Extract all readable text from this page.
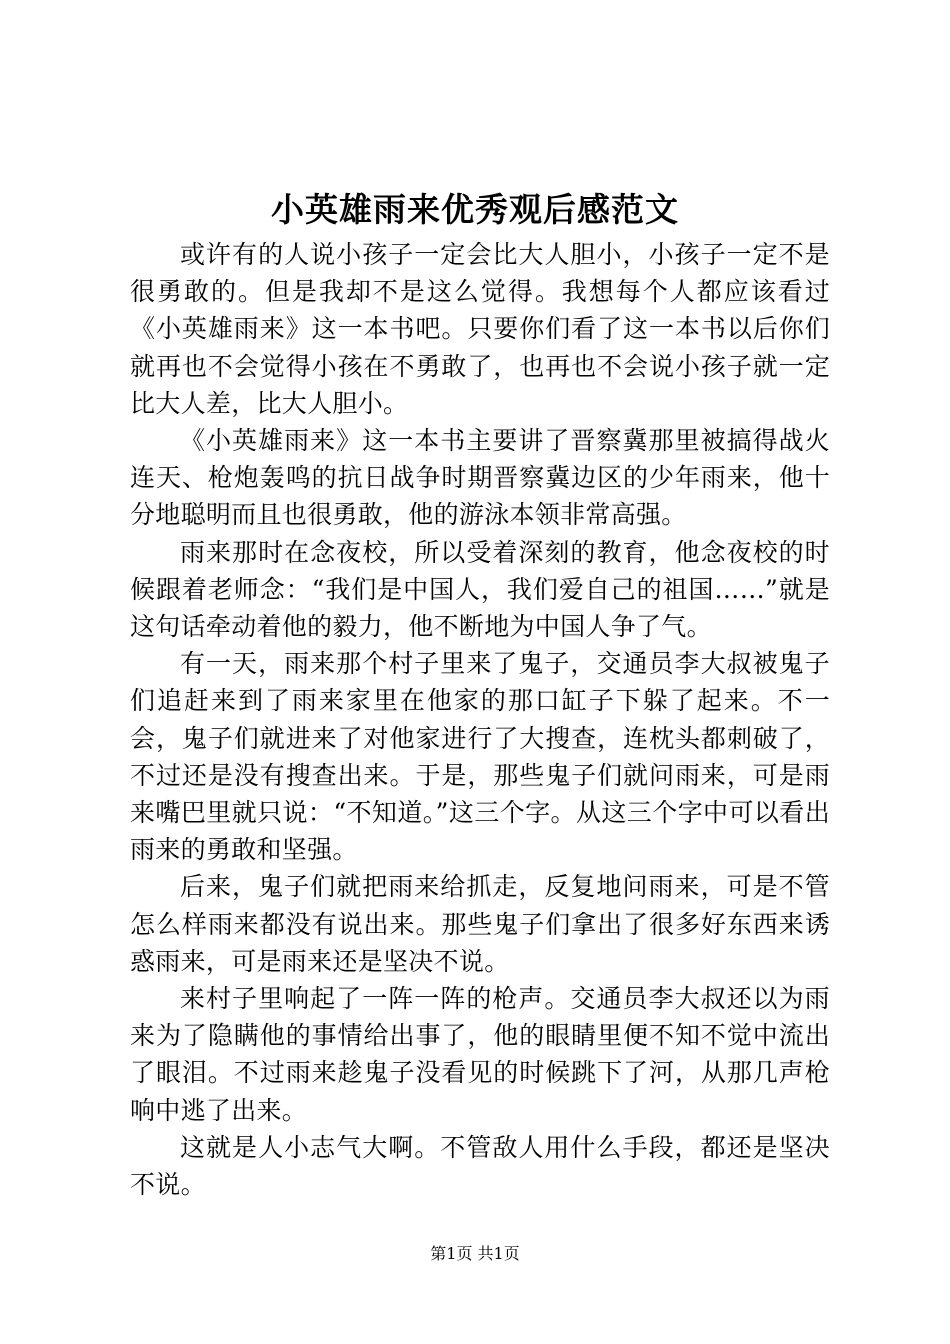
小英雄雨来优秀观后感范文

或许有的人说小孩子一定会比大人胆小，小孩子一定不是很勇敢的。但是我却不是这么觉得。我想每个人都应该看过《小英雄雨来》这一本书吧。只要你们看了这一本书以后你们就再也不会觉得小孩在不勇敢了，也再也不会说小孩子就一定比大人差，比大人胆小。

《小英雄雨来》这一本书主要讲了晋察冀那里被搞得战火连天、枪炮轰鸣的抗日战争时期晋察冀边区的少年雨来，他十分地聪明而且也很勇敢，他的游泳本领非常高强。

雨来那时在念夜校，所以受着深刻的教育，他念夜校的时候跟着老师念：“我们是中国人，我们爱自己的祖国……”就是这句话牵动着他的毅力，他不断地为中国人争了气。

有一天，雨来那个村子里来了鬼子，交通员李大叔被鬼子们追赶来到了雨来家里在他家的那口缸子下躲了起来。不一会，鬼子们就进来了对他家进行了大搜查，连枕头都刺破了，不过还是没有搜查出来。于是，那些鬼子们就问雨来，可是雨来嘴巴里就只说：“不知道。”这三个字。从这三个字中可以看出雨来的勇敢和坚强。

后来，鬼子们就把雨来给抓走，反复地问雨来，可是不管怎么样雨来都没有说出来。那些鬼子们拿出了很多好东西来诱惑雨来，可是雨来还是坚决不说。

来村子里响起了一阵一阵的枪声。交通员李大叔还以为雨来为了隐瞒他的事情给出事了，他的眼睛里便不知不觉中流出了眼泪。不过雨来趁鬼子没看见的时候跳下了河，从那几声枪响中逃了出来。

这就是人小志气大啊。不管敌人用什么手段，都还是坚决不说。

第1页 共1页
